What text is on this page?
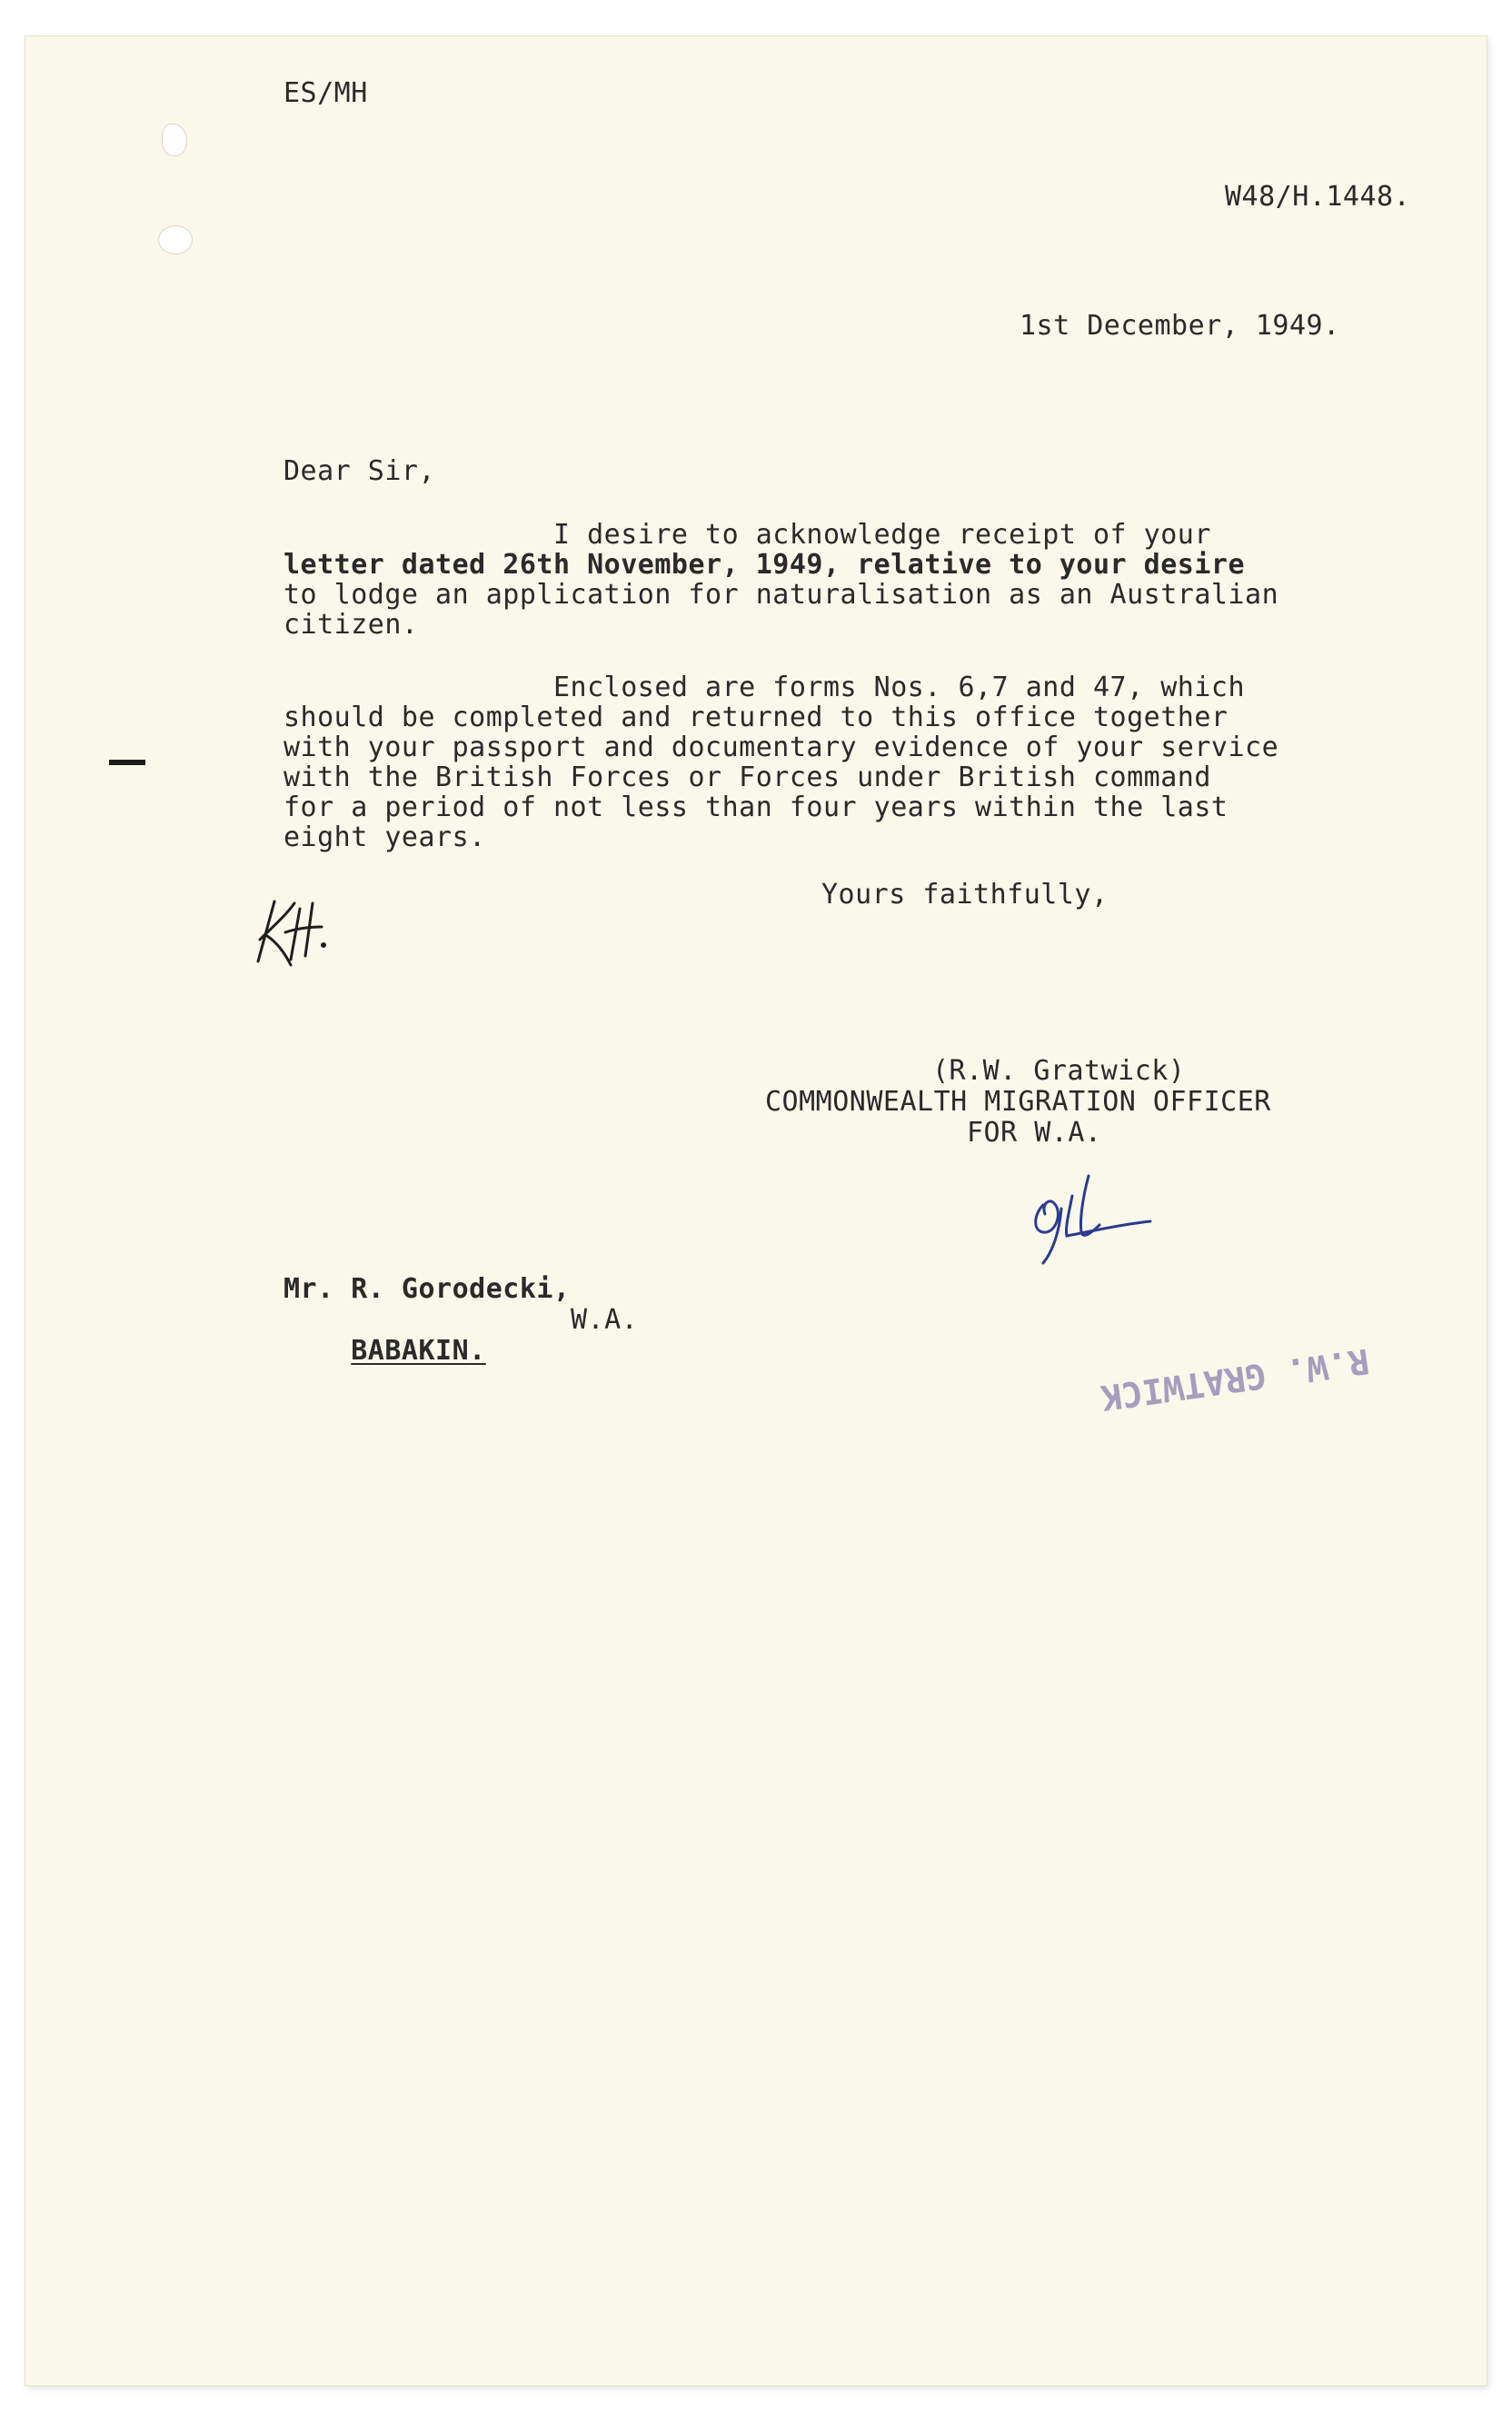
ES/MH
W48/H.1448.
1st December, 1949.
Dear Sir,
I desire to acknowledge receipt of your
letter dated 26th November, 1949, relative to your desire
to lodge an application for naturalisation as an Australian
citizen.
Enclosed are forms Nos. 6,7 and 47, which
should be completed and returned to this office together
with your passport and documentary evidence of your service
with the British Forces or Forces under British command
for a period of not less than four years within the last
eight years.
Yours faithfully,
(R.W. Gratwick)
COMMONWEALTH MIGRATION OFFICER
FOR W.A.
R.W. GRATWICK
Mr. R. Gorodecki,

BABAKIN.

W.A.
